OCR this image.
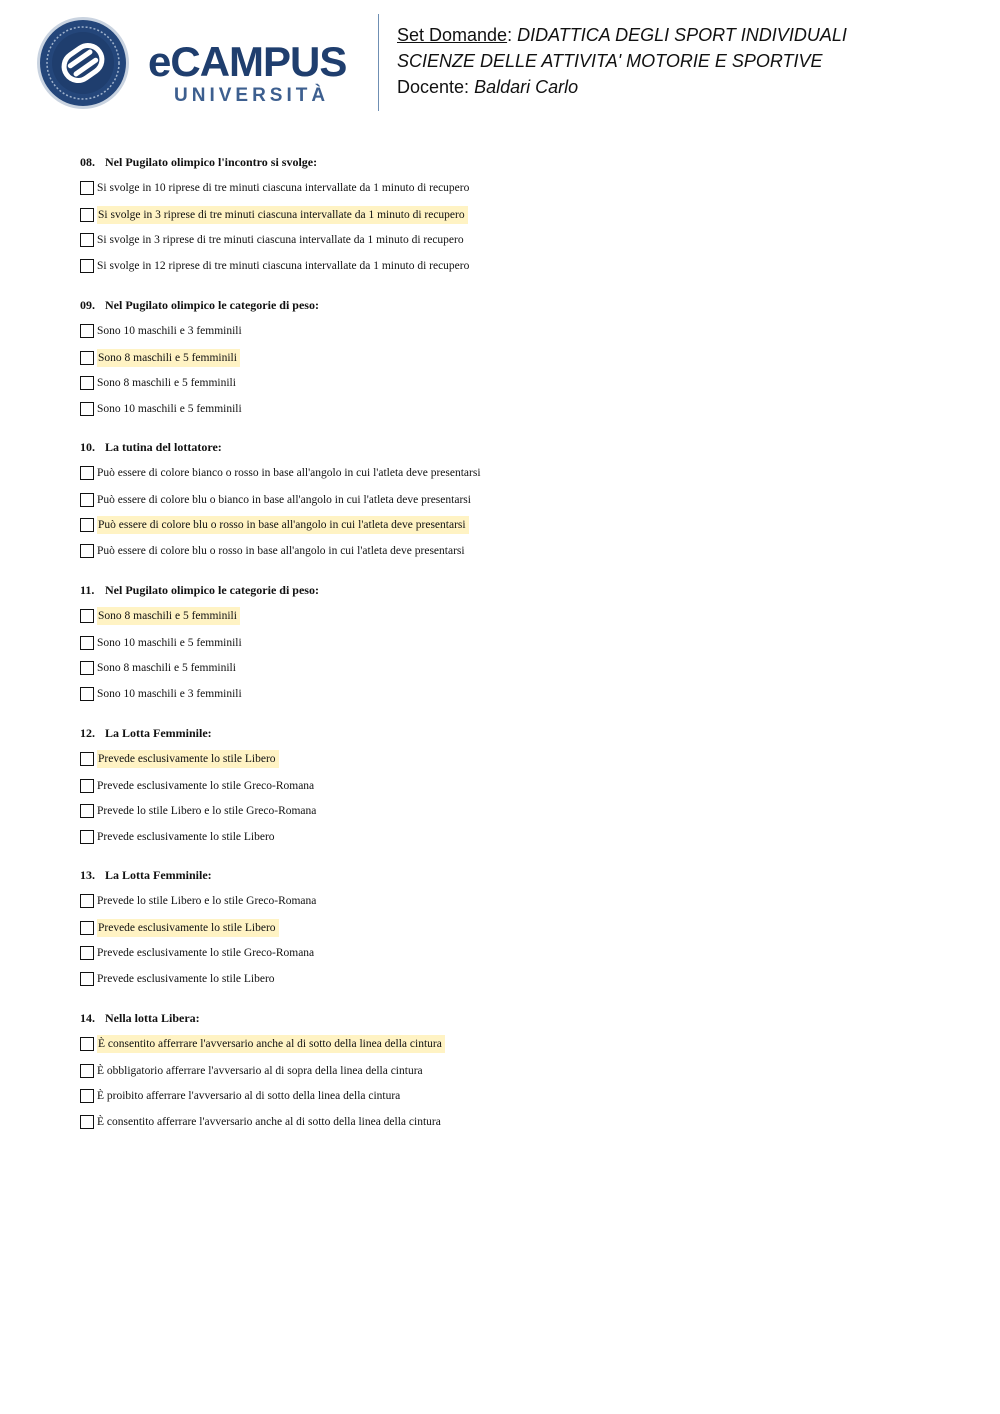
eCAMPUS
UNIVERSITÀ
Set Domande: DIDATTICA DEGLI SPORT INDIVIDUALI
SCIENZE DELLE ATTIVITA' MOTORIE E SPORTIVE
Docente: Baldari Carlo
08. Nel Pugilato olimpico l'incontro si svolge:
Si svolge in 10 riprese di tre minuti ciascuna intervallate da 1 minuto di recupero
Si svolge in 3 riprese di tre minuti ciascuna intervallate da 1 minuto di recupero
Si svolge in 3 riprese di tre minuti ciascuna intervallate da 1 minuto di recupero
Si svolge in 12 riprese di tre minuti ciascuna intervallate da 1 minuto di recupero
09. Nel Pugilato olimpico le categorie di peso:
Sono 10 maschili e 3 femminili
Sono 8 maschili e 5 femminili
Sono 8 maschili e 5 femminili
Sono 10 maschili e 5 femminili
10. La tutina del lottatore:
Può essere di colore bianco o rosso in base all'angolo in cui l'atleta deve presentarsi
Può essere di colore blu o bianco in base all'angolo in cui l'atleta deve presentarsi
Può essere di colore blu o rosso in base all'angolo in cui l'atleta deve presentarsi
Può essere di colore blu o rosso in base all'angolo in cui l'atleta deve presentarsi
11. Nel Pugilato olimpico le categorie di peso:
Sono 8 maschili e 5 femminili
Sono 10 maschili e 5 femminili
Sono 8 maschili e 5 femminili
Sono 10 maschili e 3 femminili
12. La Lotta Femminile:
Prevede esclusivamente lo stile Libero
Prevede esclusivamente lo stile Greco-Romana
Prevede lo stile Libero e lo stile Greco-Romana
Prevede esclusivamente lo stile Libero
13. La Lotta Femminile:
Prevede lo stile Libero e lo stile Greco-Romana
Prevede esclusivamente lo stile Libero
Prevede esclusivamente lo stile Greco-Romana
Prevede esclusivamente lo stile Libero
14. Nella lotta Libera:
È consentito afferrare l'avversario anche al di sotto della linea della cintura
È obbligatorio afferrare l'avversario al di sopra della linea della cintura
È proibito afferrare l'avversario al di sotto della linea della cintura
È consentito afferrare l'avversario anche al di sotto della linea della cintura
